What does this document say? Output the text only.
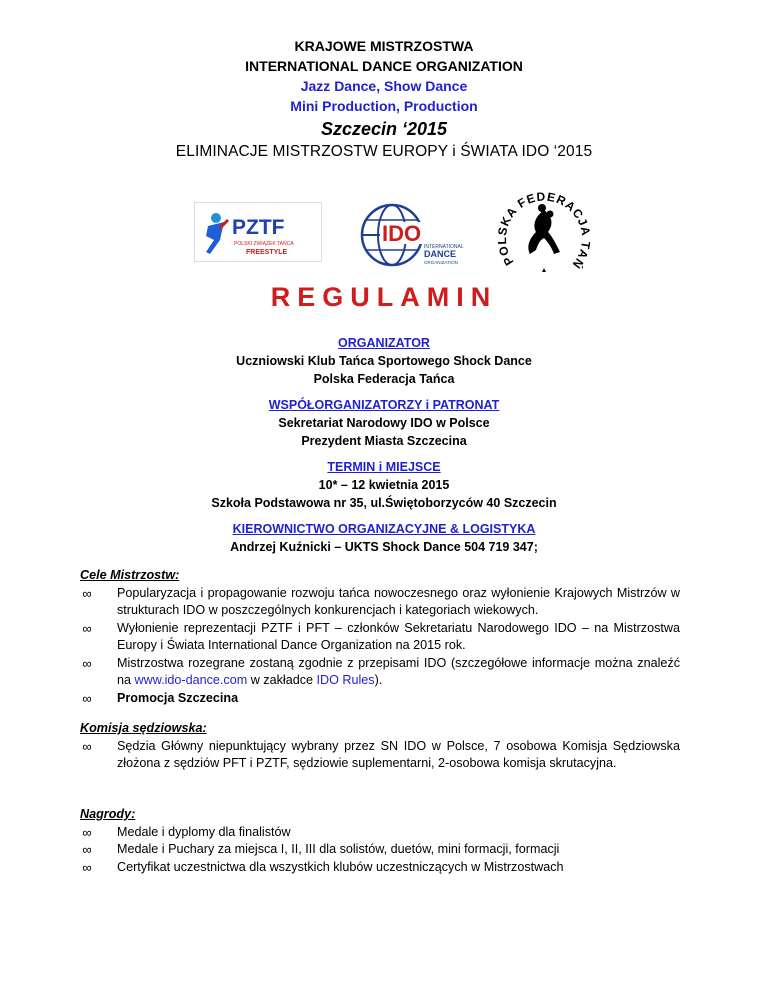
KRAJOWE MISTRZOSTWA
INTERNATIONAL DANCE ORGANIZATION
Jazz Dance, Show Dance
Mini Production, Production
Szczecin ‘2015
ELIMINACJE MISTRZOSTW EUROPY i ŚWIATA IDO ‘2015
PZTF
POLSKI ZWIĄZEK TAŃCA
FREESTYLE
IDO
INTERNATIONAL
DANCE
ORGANIZATION	POLSKA FEDERACJA TAŃ
REGULAMIN
ORGANIZATOR
Uczniowski Klub Tańca Sportowego Shock Dance
Polska Federacja Tańca
WSPÓŁORGANIZATORZY i PATRONAT
Sekretariat Narodowy IDO w Polsce
Prezydent Miasta Szczecina
TERMIN i MIEJSCE
10* – 12 kwietnia 2015
Szkoła Podstawowa nr 35, ul.Świętoborzyców 40 Szczecin
KIEROWNICTWO ORGANIZACYJNE & LOGISTYKA
Andrzej Kuźnicki – UKTS Shock Dance 504 719 347;
Cele Mistrzostw:
∞ Popularyzacja i propagowanie rozwoju tańca nowoczesnego oraz wyłonienie Krajowych Mistrzów w strukturach IDO w poszczególnych konkurencjach i kategoriach wiekowych.
∞ Wyłonienie reprezentacji PZTF i PFT – członków Sekretariatu Narodowego IDO – na Mistrzostwa Europy i Świata International Dance Organization na 2015 rok.
∞ Mistrzostwa rozegrane zostaną zgodnie z przepisami IDO (szczegółowe informacje można znaleźć na www.ido-dance.com w zakładce IDO Rules).
∞ Promocja Szczecina
Komisja sędziowska:
∞ Sędzia Główny niepunktujący wybrany przez SN IDO w Polsce, 7 osobowa Komisja Sędziowska złożona z sędziów PFT i PZTF, sędziowie suplementarni, 2-osobowa komisja skrutacyjna.
Nagrody:
∞ Medale i dyplomy dla finalistów
∞ Medale i Puchary za miejsca I, II, III dla solistów, duetów, mini formacji, formacji
∞ Certyfikat uczestnictwa dla wszystkich klubów uczestniczących w Mistrzostwach
